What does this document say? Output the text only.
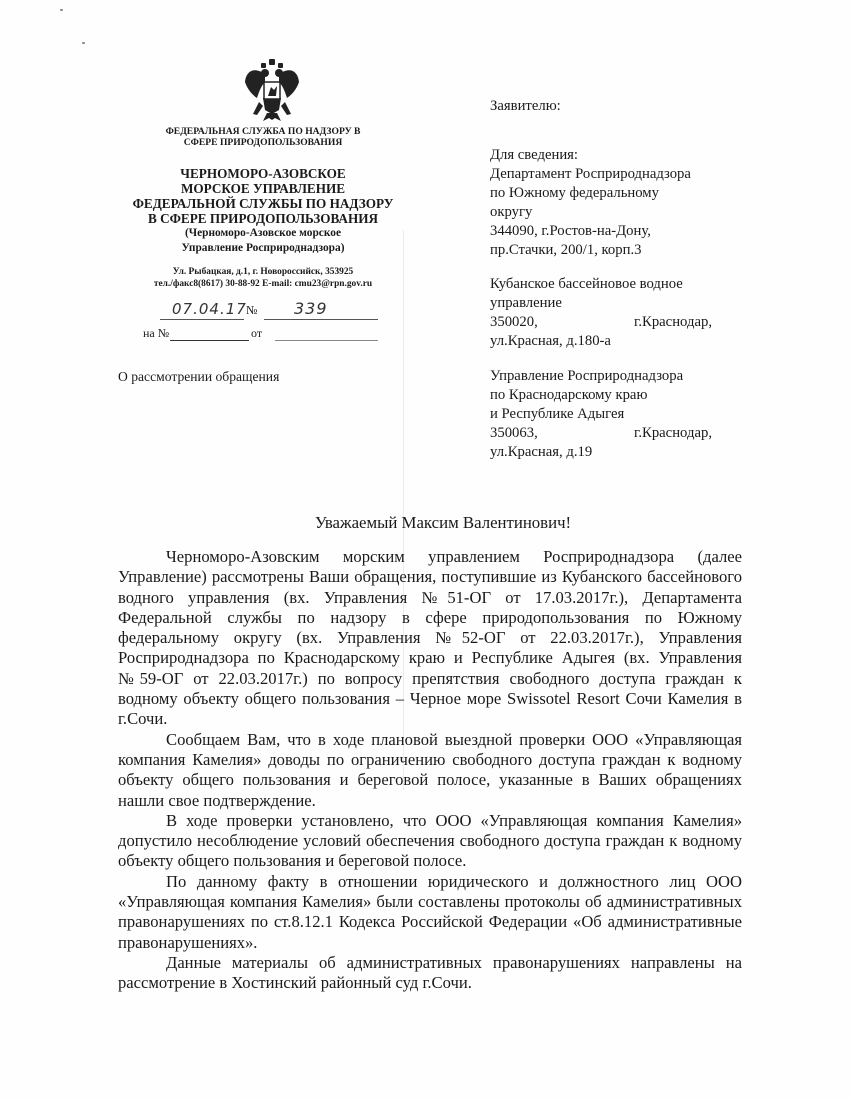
ФЕДЕРАЛЬНАЯ СЛУЖБА ПО НАДЗОРУ В
СФЕРЕ ПРИРОДОПОЛЬЗОВАНИЯ
ЧЕРНОМОРО-АЗОВСКОЕ
МОРСКОЕ УПРАВЛЕНИЕ
ФЕДЕРАЛЬНОЙ СЛУЖБЫ ПО НАДЗОРУ
В СФЕРЕ ПРИРОДОПОЛЬЗОВАНИЯ
(Черноморо-Азовское морское
Управление Росприроднадзора)
Ул. Рыбацкая, д.1, г. Новороссийск, 353925
тел./факс8(8617) 30-88-92 E-mail: cmu23@rpn.gov.ru
07.04.17 № 339
на №	от
О рассмотрении обращения
Заявителю:
Для сведения:
Департамент Росприроднадзора
по Южному федеральному
округу
344090, г.Ростов-на-Дону,
пр.Стачки, 200/1, корп.3
Кубанское бассейновое водное
управление
350020,	г.Краснодар,
ул.Красная, д.180-а
Управление Росприроднадзора
по Краснодарскому краю
и Республике Адыгея
350063,	г.Краснодар,
ул.Красная, д.19
Уважаемый Максим Валентинович!

Черноморо-Азовским морским управлением Росприроднадзора (далее Управление) рассмотрены Ваши обращения, поступившие из Кубанского бассейнового водного управления (вх. Управления №51-ОГ от 17.03.2017г.), Департамента Федеральной службы по надзору в сфере природопользования по Южному федеральному округу (вх. Управления №52-ОГ от 22.03.2017г.), Управления Росприроднадзора по Краснодарскому краю и Республике Адыгея (вх. Управления №59-ОГ от 22.03.2017г.) по вопросу препятствия свободного доступа граждан к водному объекту общего пользования – Черное море Swissotel Resort Сочи Камелия в г.Сочи.

Сообщаем Вам, что в ходе плановой выездной проверки ООО «Управляющая компания Камелия» доводы по ограничению свободного доступа граждан к водному объекту общего пользования и береговой полосе, указанные в Ваших обращениях нашли свое подтверждение.

В ходе проверки установлено, что ООО «Управляющая компания Камелия» допустило несоблюдение условий обеспечения свободного доступа граждан к водному объекту общего пользования и береговой полосе.

По данному факту в отношении юридического и должностного лиц ООО «Управляющая компания Камелия» были составлены протоколы об административных правонарушениях по ст.8.12.1 Кодекса Российской Федерации «Об административные правонарушениях».

Данные материалы об административных правонарушениях направлены на рассмотрение в Хостинский районный суд г.Сочи.
